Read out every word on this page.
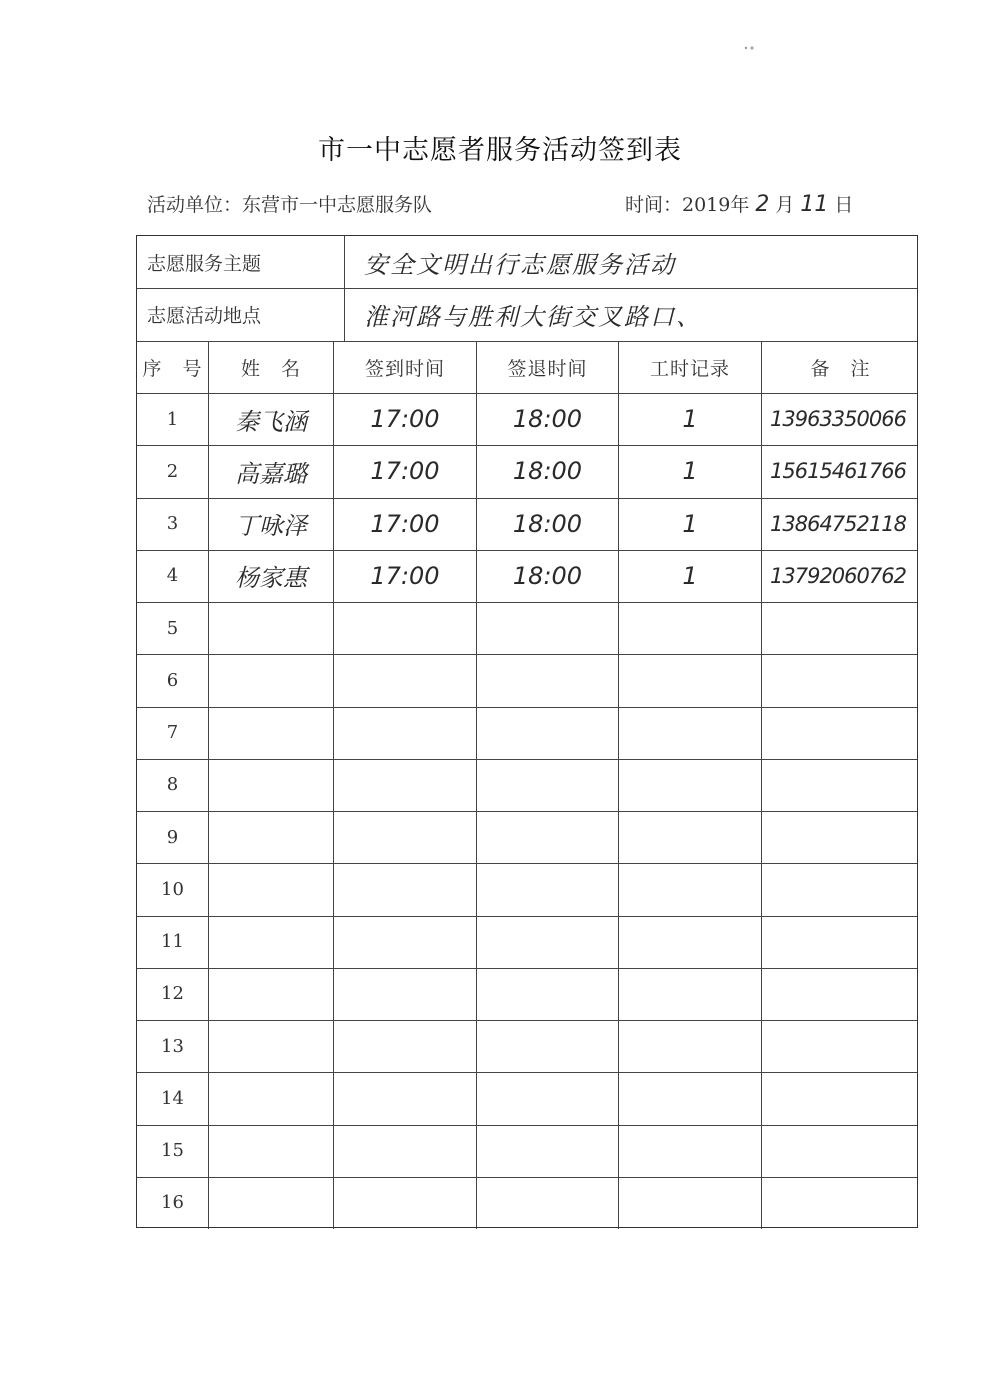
市一中志愿者服务活动签到表
活动单位：东营市一中志愿服务队	时间：2019年 2 月 11 日
志愿服务主题	安全文明出行志愿服务活动
志愿活动地点	淮河路与胜利大街交叉路口、
序　号	姓　名	签到时间	签退时间	工时记录	备　注
1	秦飞涵	17:00	18:00	1	13963350066
2	高嘉璐	17:00	18:00	1	15615461766
3	丁咏泽	17:00	18:00	1	13864752118
4	杨家惠	17:00	18:00	1	13792060762
5
6
7
8
9
10
11
12
13
14
15
16
